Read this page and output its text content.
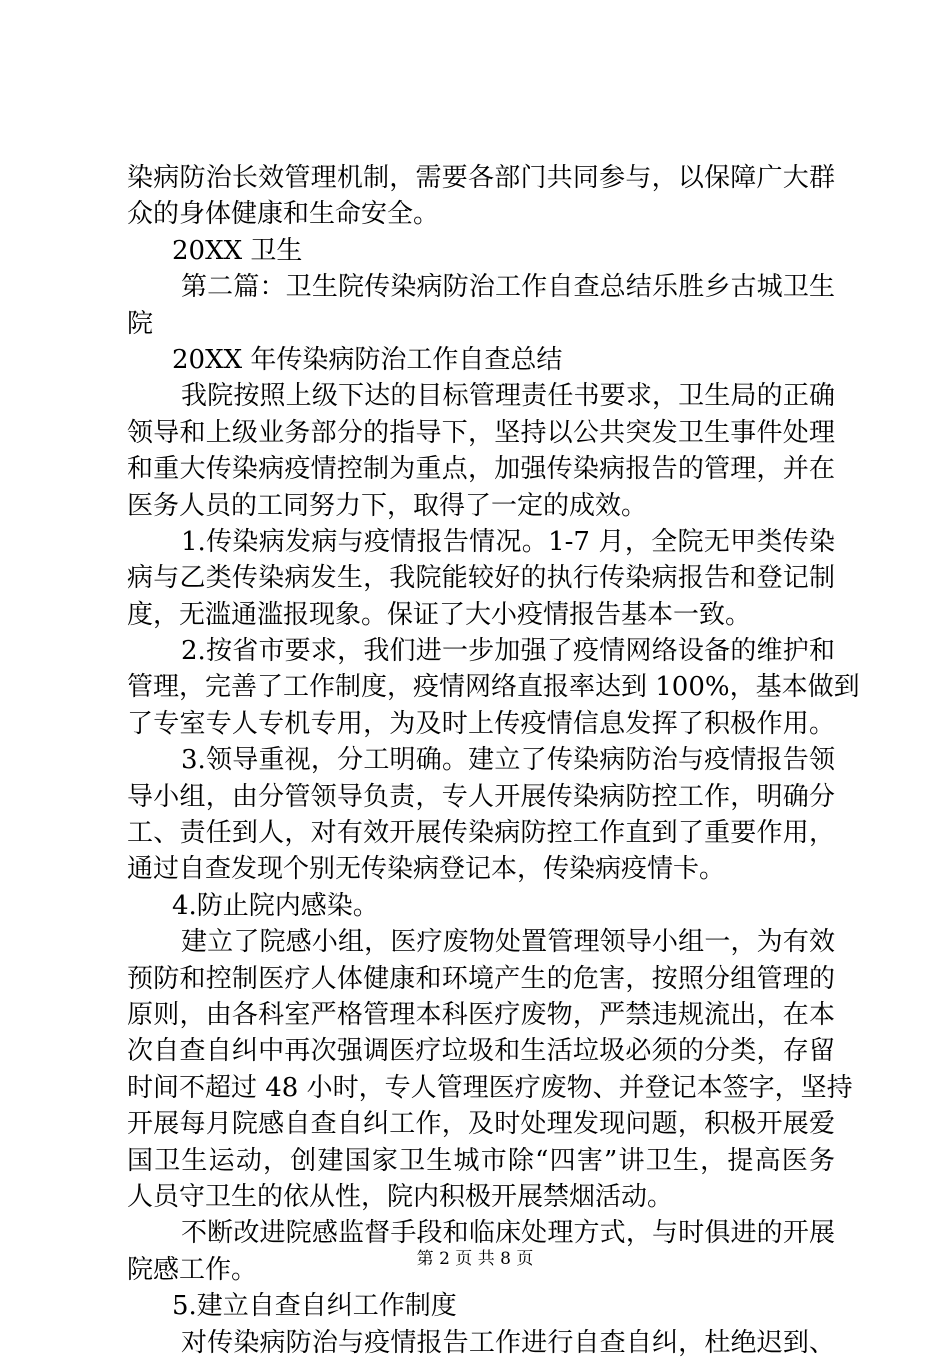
染病防治长效管理机制，需要各部门共同参与，以保障广大群
众的身体健康和生命安全。
20XX 卫生
第二篇：卫生院传染病防治工作自查总结乐胜乡古城卫生
院
20XX 年传染病防治工作自查总结
我院按照上级下达的目标管理责任书要求，卫生局的正确
领导和上级业务部分的指导下，坚持以公共突发卫生事件处理
和重大传染病疫情控制为重点，加强传染病报告的管理，并在
医务人员的工同努力下，取得了一定的成效。
1.传染病发病与疫情报告情况。1-7 月，全院无甲类传染
病与乙类传染病发生，我院能较好的执行传染病报告和登记制
度，无滥通滥报现象。保证了大小疫情报告基本一致。
2.按省市要求，我们进一步加强了疫情网络设备的维护和
管理，完善了工作制度，疫情网络直报率达到 100%，基本做到
了专室专人专机专用，为及时上传疫情信息发挥了积极作用。
3.领导重视，分工明确。建立了传染病防治与疫情报告领
导小组，由分管领导负责，专人开展传染病防控工作，明确分
工、责任到人，对有效开展传染病防控工作直到了重要作用，
通过自查发现个别无传染病登记本，传染病疫情卡。
4.防止院内感染。
建立了院感小组，医疗废物处置管理领导小组一，为有效
预防和控制医疗人体健康和环境产生的危害，按照分组管理的
原则，由各科室严格管理本科医疗废物，严禁违规流出，在本
次自查自纠中再次强调医疗垃圾和生活垃圾必须的分类，存留
时间不超过 48 小时，专人管理医疗废物、并登记本签字，坚持
开展每月院感自查自纠工作，及时处理发现问题，积极开展爱
国卫生运动，创建国家卫生城市除“四害”讲卫生，提高医务
人员守卫生的依从性，院内积极开展禁烟活动。
不断改进院感监督手段和临床处理方式，与时俱进的开展
院感工作。
5.建立自查自纠工作制度
对传染病防治与疫情报告工作进行自查自纠，杜绝迟到、
第 2 页 共 8 页
